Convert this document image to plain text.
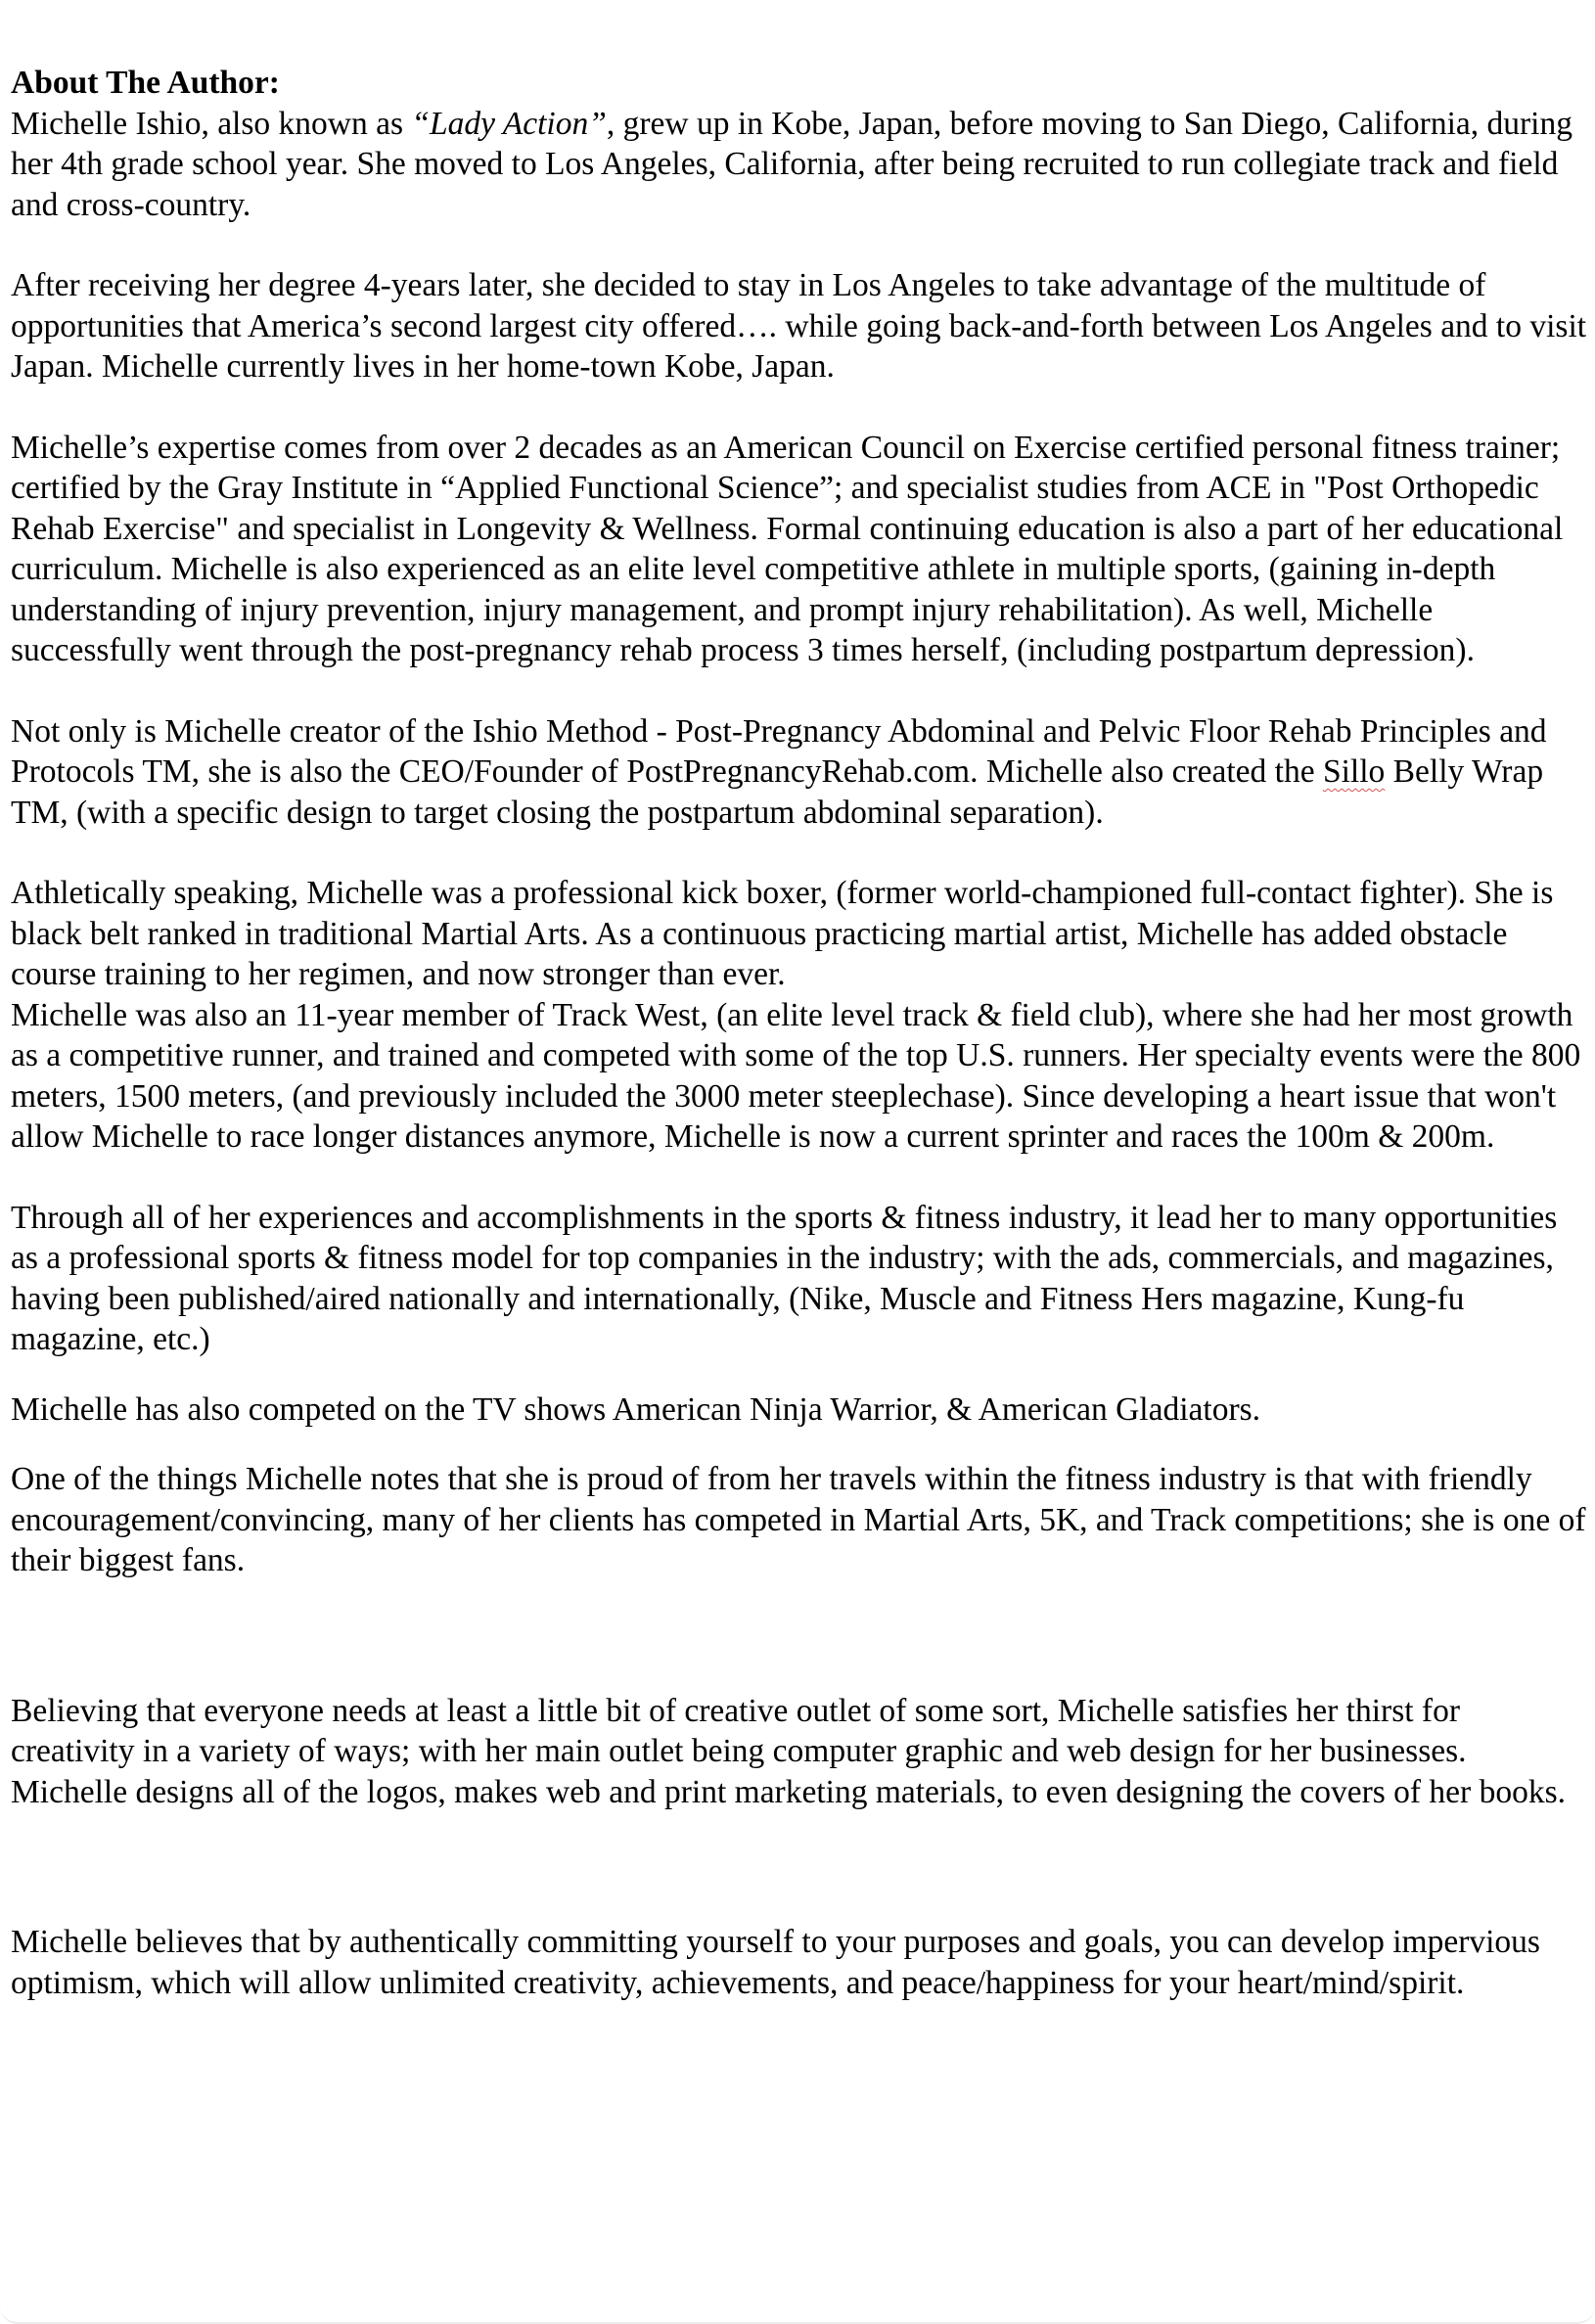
About The Author:

Michelle Ishio, also known as “Lady Action”, grew up in Kobe, Japan, before moving to San Diego, California, during her 4th grade school year. She moved to Los Angeles, California, after being recruited to run collegiate track and field and cross-country.

After receiving her degree 4-years later, she decided to stay in Los Angeles to take advantage of the multitude of opportunities that America’s second largest city offered…. while going back-and-forth between Los Angeles and to visit Japan. Michelle currently lives in her home-town Kobe, Japan.

Michelle’s expertise comes from over 2 decades as an American Council on Exercise certified personal fitness trainer; certified by the Gray Institute in “Applied Functional Science”; and specialist studies from ACE in "Post Orthopedic Rehab Exercise" and specialist in Longevity & Wellness. Formal continuing education is also a part of her educational curriculum. Michelle is also experienced as an elite level competitive athlete in multiple sports, (gaining in-depth understanding of injury prevention, injury management, and prompt injury rehabilitation). As well, Michelle successfully went through the post-pregnancy rehab process 3 times herself, (including postpartum depression).

Not only is Michelle creator of the Ishio Method - Post-Pregnancy Abdominal and Pelvic Floor Rehab Principles and Protocols TM, she is also the CEO/Founder of PostPregnancyRehab.com. Michelle also created the Sillo Belly Wrap TM, (with a specific design to target closing the postpartum abdominal separation).

Athletically speaking, Michelle was a professional kick boxer, (former world-championed full-contact fighter). She is black belt ranked in traditional Martial Arts. As a continuous practicing martial artist, Michelle has added obstacle course training to her regimen, and now stronger than ever.

Michelle was also an 11-year member of Track West, (an elite level track & field club), where she had her most growth as a competitive runner, and trained and competed with some of the top U.S. runners. Her specialty events were the 800 meters, 1500 meters, (and previously included the 3000 meter steeplechase). Since developing a heart issue that won't allow Michelle to race longer distances anymore, Michelle is now a current sprinter and races the 100m & 200m.

Through all of her experiences and accomplishments in the sports & fitness industry, it lead her to many opportunities as a professional sports & fitness model for top companies in the industry; with the ads, commercials, and magazines, having been published/aired nationally and internationally, (Nike, Muscle and Fitness Hers magazine, Kung-fu magazine, etc.)

Michelle has also competed on the TV shows American Ninja Warrior, & American Gladiators.

One of the things Michelle notes that she is proud of from her travels within the fitness industry is that with friendly encouragement/convincing, many of her clients has competed in Martial Arts, 5K, and Track competitions; she is one of their biggest fans.

Believing that everyone needs at least a little bit of creative outlet of some sort, Michelle satisfies her thirst for creativity in a variety of ways; with her main outlet being computer graphic and web design for her businesses. Michelle designs all of the logos, makes web and print marketing materials, to even designing the covers of her books.

Michelle believes that by authentically committing yourself to your purposes and goals, you can develop impervious optimism, which will allow unlimited creativity, achievements, and peace/happiness for your heart/mind/spirit.
